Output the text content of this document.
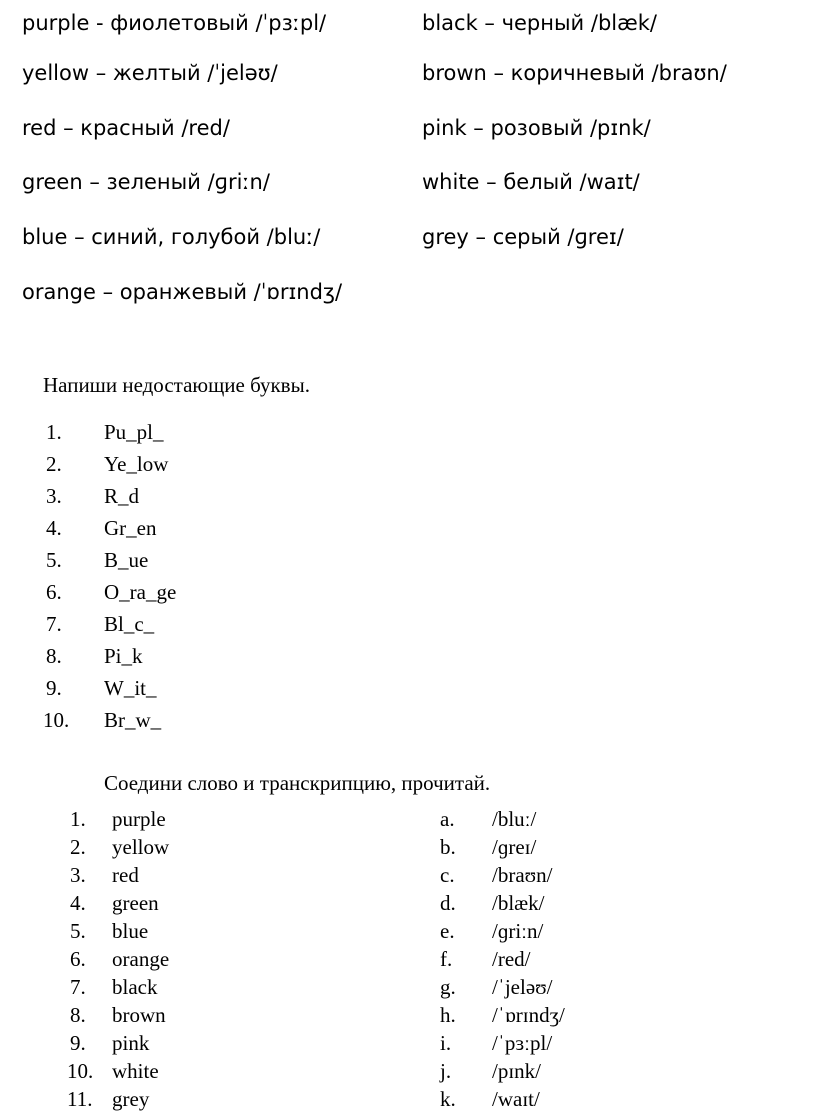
purple - фиолетовый /ˈpɜːpl/
yellow – желтый /ˈjeləʊ/
red – красный /red/
green – зеленый /ɡriːn/
blue – синий, голубой /bluː/
orange – оранжевый /ˈɒrɪndʒ/
black – черный /blæk/
brown – коричневый /braʊn/
pink – розовый /pɪnk/
white – белый /waɪt/
grey – серый /ɡreɪ/
Напиши недостающие буквы.
1. Pu_pl_
2. Ye_low
3. R_d
4. Gr_en
5. B_ue
6. O_ra_ge
7. Bl_c_
8. Pi_k
9. W_it_
10. Br_w_
Соедини слово и транскрипцию, прочитай.
1. purple
2. yellow
3. red
4. green
5. blue
6. orange
7. black
8. brown
9. pink
10. white
11. grey
a. /bluː/
b. /ɡreɪ/
c. /braʊn/
d. /blæk/
e. /ɡriːn/
f. /red/
g. /ˈjeləʊ/
h. /ˈɒrɪndʒ/
i. /ˈpɜːpl/
j. /pɪnk/
k. /waɪt/
